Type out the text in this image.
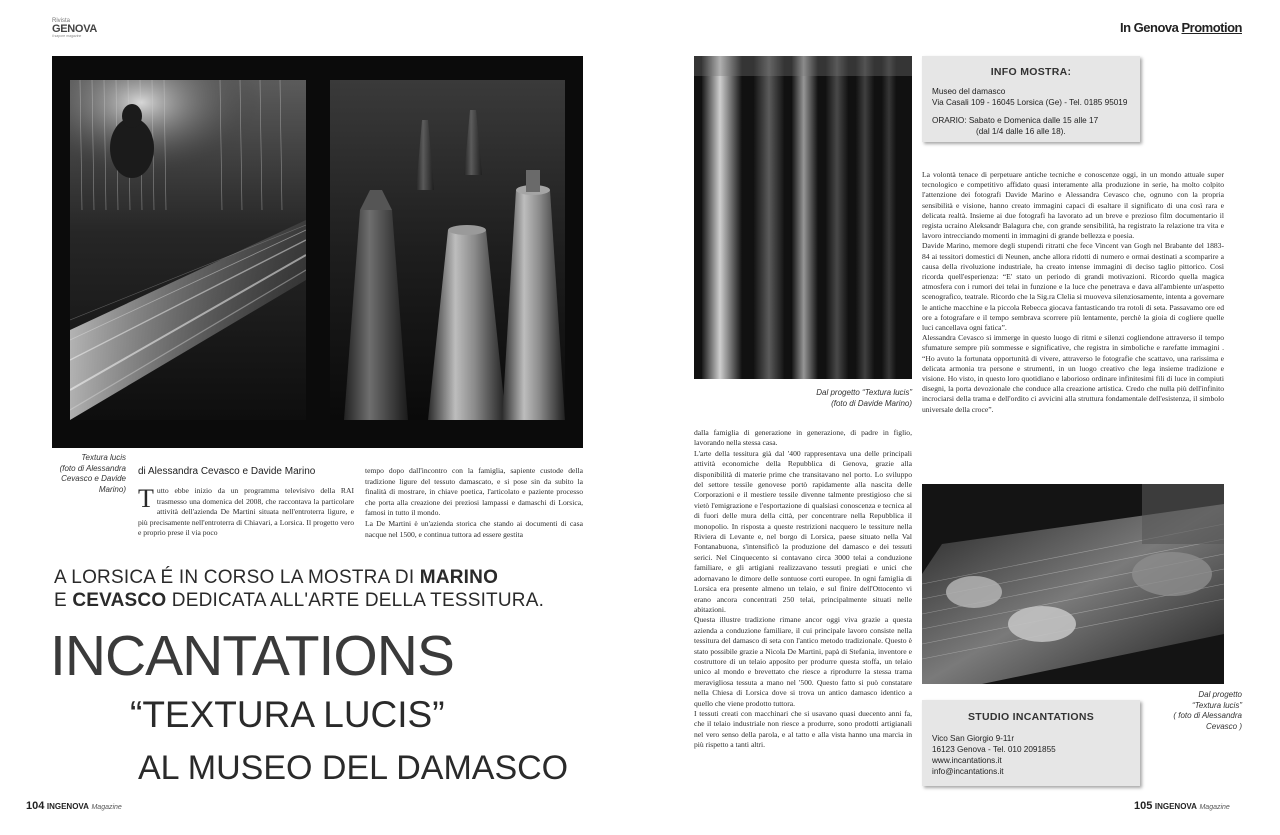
Rivista
GENOVA
il sapore magazine
Textura lucis
(foto di Alessandra Cevasco e Davide Marino)
di Alessandra Cevasco e Davide Marino
T utto ebbe inizio da un programma televisivo della RAI trasmesso una domenica del 2008, che raccontava la particolare attività dell'azienda De Martini situata nell'entroterra ligure, e più precisamente nell'entroterra di Chiavari, a Lorsica. Il progetto vero e proprio prese il via poco

tempo dopo dall'incontro con la famiglia, sapiente custode della tradizione ligure del tessuto damascato, e si pose sin da subito la finalità di mostrare, in chiave poetica, l'articolato e paziente processo che porta alla creazione dei preziosi lampassi e damaschi di Lorsica, famosi in tutto il mondo.

La De Martini è un'azienda storica che stando ai documenti di casa nacque nel 1500, e continua tuttora ad essere gestita

A LORSICA É IN CORSO LA MOSTRA DI MARINO
E CEVASCO DEDICATA ALL'ARTE DELLA TESSITURA.
INCANTATIONS
“TEXTURA LUCIS”
AL MUSEO DEL DAMASCO
104 INGENOVA Magazine
In Genova Promotion
Dal progetto “Textura lucis”
(foto di Davide Marino)
INFO MOSTRA:
Museo del damasco
Via Casali 109 - 16045 Lorsica (Ge) - Tel. 0185 95019
ORARIO: Sabato e Domenica dalle 15 alle 17
(dal 1/4 dalle 16 alle 18).

La volontà tenace di perpetuare antiche tecniche e conoscenze oggi, in un mondo attuale super tecnologico e competitivo affidato quasi interamente alla produzione in serie, ha molto colpito l'attenzione dei fotografi Davide Marino e Alessandra Cevasco che, ognuno con la propria sensibilità e visione, hanno creato immagini capaci di esaltare il significato di una così rara e delicata realtà. Insieme ai due fotografi ha lavorato ad un breve e prezioso film documentario il regista ucraino Aleksandr Balagura che, con grande sensibilità, ha registrato la relazione tra vita e lavoro intrecciando momenti in immagini di grande bellezza e poesia.

Davide Marino, memore degli stupendi ritratti che fece Vincent van Gogh nel Brabante del 1883-84 ai tessitori domestici di Neunen, anche allora ridotti di numero e ormai destinati a scomparire a causa della rivoluzione industriale, ha creato intense immagini di deciso taglio pittorico. Così ricorda quell'esperienza: “E' stato un periodo di grandi motivazioni. Ricordo quella magica atmosfera con i rumori dei telai in funzione e la luce che penetrava e dava all'ambiente un'aspetto scenografico, teatrale. Ricordo che la Sig.ra Clelia si muoveva silenziosamente, intenta a governare le antiche macchine e la piccola Rebecca giocava fantasticando tra rotoli di seta. Passavamo ore ed ore a fotografare e il tempo sembrava scorrere più lentamente, perchè la gioia di cogliere quelle luci cancellava ogni fatica”.

Alessandra Cevasco si immerge in questo luogo di ritmi e silenzi cogliendone attraverso il tempo sfumature sempre più sommesse e significative, che registra in simboliche e rarefatte immagini . “Ho avuto la fortunata opportunità di vivere, attraverso le fotografie che scattavo, una rarissima e delicata armonia tra persone e strumenti, in un luogo creativo che lega insieme tradizione e visione. Ho visto, in questo loro quotidiano e laborioso ordinare infinitesimi fili di luce in compiuti disegni, la porta devozionale che conduce alla creazione artistica. Credo che nulla più dell'infinito incrociarsi della trama e dell'ordito ci avvicini alla struttura fondamentale dell'esistenza, il simbolo universale della croce”.

dalla famiglia di generazione in generazione, di padre in figlio, lavorando nella stessa casa.

L'arte della tessitura già dal '400 rappresentava una delle principali attività economiche della Repubblica di Genova, grazie alla disponibilità di materie prime che transitavano nel porto. Lo sviluppo del settore tessile genovese portò rapidamente alla nascita delle Corporazioni e il mestiere tessile divenne talmente prestigioso che si vietò l'emigrazione e l'esportazione di qualsiasi conoscenza e tecnica al di fuori delle mura della città, per concentrare nella Repubblica il monopolio. In risposta a queste restrizioni nacquero le tessiture nella Riviera di Levante e, nel borgo di Lorsica, paese situato nella Val Fontanabuona, s'intensificò la produzione del damasco e dei tessuti serici. Nel Cinquecento si contavano circa 3000 telai a conduzione familiare, e gli artigiani realizzavano tessuti pregiati e unici che adornavano le dimore delle sontuose corti europee. In ogni famiglia di Lorsica era presente almeno un telaio, e sul finire dell'Ottocento vi erano ancora concentrati 250 telai, principalmente situati nelle abitazioni.

Questa illustre tradizione rimane ancor oggi viva grazie a questa azienda a conduzione familiare, il cui principale lavoro consiste nella tessitura del damasco di seta con l'antico metodo tradizionale. Questo è stato possibile grazie a Nicola De Martini, papà di Stefania, inventore e costruttore di un telaio apposito per produrre questa stoffa, un telaio unico al mondo e brevettato che riesce a riprodurre la stessa trama meravigliosa tessuta a mano nel '500. Questo fatto si può constatare nella Chiesa di Lorsica dove si trova un antico damasco identico a quello che viene prodotto tuttora.

I tessuti creati con macchinari che si usavano quasi duecento anni fa, che il telaio industriale non riesce a produrre, sono prodotti artigianali nel vero senso della parola, e al tatto e alla vista hanno una marcia in più rispetto a tanti altri.

Dal progetto
“Textura lucis”
( foto di Alessandra
Cevasco )
STUDIO INCANTATIONS
Vico San Giorgio 9-11r
16123 Genova - Tel. 010 2091855
www.incantations.it
info@incantations.it
105 INGENOVA Magazine
